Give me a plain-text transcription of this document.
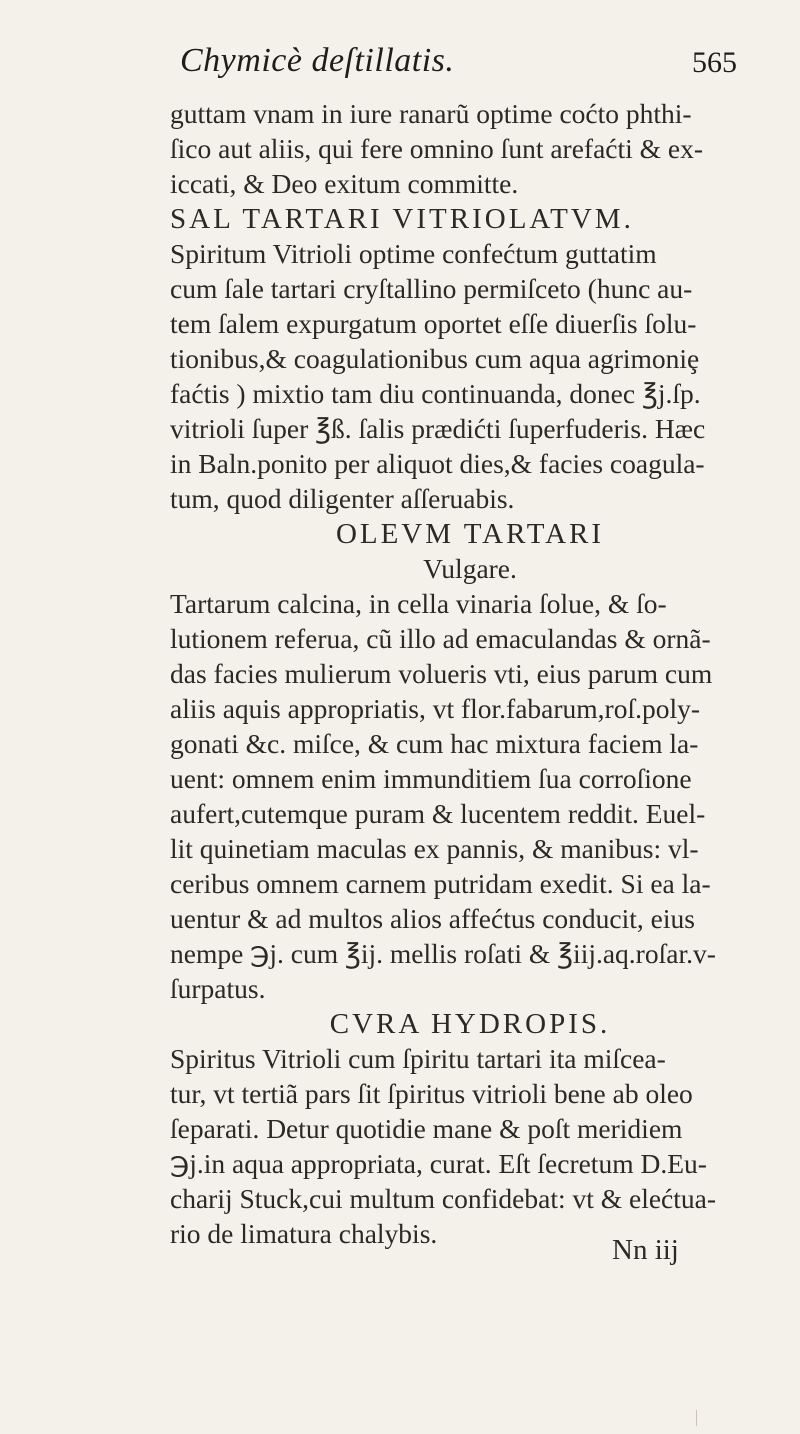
Chymicè deſtillatis.	565
guttam vnam in iure ranarũ optime coćto phthi-
ſico aut aliis, qui fere omnino ſunt arefaćti & ex-
iccati, & Deo exitum committe.
SAL TARTARI VITRIOLATVM.
Spiritum Vitrioli optime confećtum guttatim
cum ſale tartari cryſtallino permiſceto (hunc au-
tem ſalem expurgatum oportet eſſe diuerſis ſolu-
tionibus,& coagulationibus cum aqua agrimoniȩ
faćtis ) mixtio tam diu continuanda, donec ℥j.ſp.
vitrioli ſuper ℥ß. ſalis prædićti ſuperfuderis. Hæc
in Baln.ponito per aliquot dies,& facies coagula-
tum, quod diligenter aſſeruabis.
OLEVM TARTARI
Vulgare.
Tartarum calcina, in cella vinaria ſolue, & ſo-
lutionem referua, cũ illo ad emaculandas & ornã-
das facies mulierum volueris vti, eius parum cum
aliis aquis appropriatis, vt flor.fabarum,roſ.poly-
gonati &c. miſce, & cum hac mixtura faciem la-
uent: omnem enim immunditiem ſua corroſione
aufert,cutemque puram & lucentem reddit. Euel-
lit quinetiam maculas ex pannis, & manibus: vl-
ceribus omnem carnem putridam exedit. Si ea la-
uentur & ad multos alios affećtus conducit, eius
nempe ℈j. cum ℥ij. mellis roſati & ℥iij.aq.roſar.v-
ſurpatus.
CVRA HYDROPIS.
Spiritus Vitrioli cum ſpiritu tartari ita miſcea-
tur, vt tertiã pars ſit ſpiritus vitrioli bene ab oleo
ſeparati. Detur quotidie mane & poſt meridiem
℈j.in aqua appropriata, curat. Eſt ſecretum D.Eu-
charij Stuck,cui multum confidebat: vt & elećtua-
rio de limatura chalybis.
Nn iij
